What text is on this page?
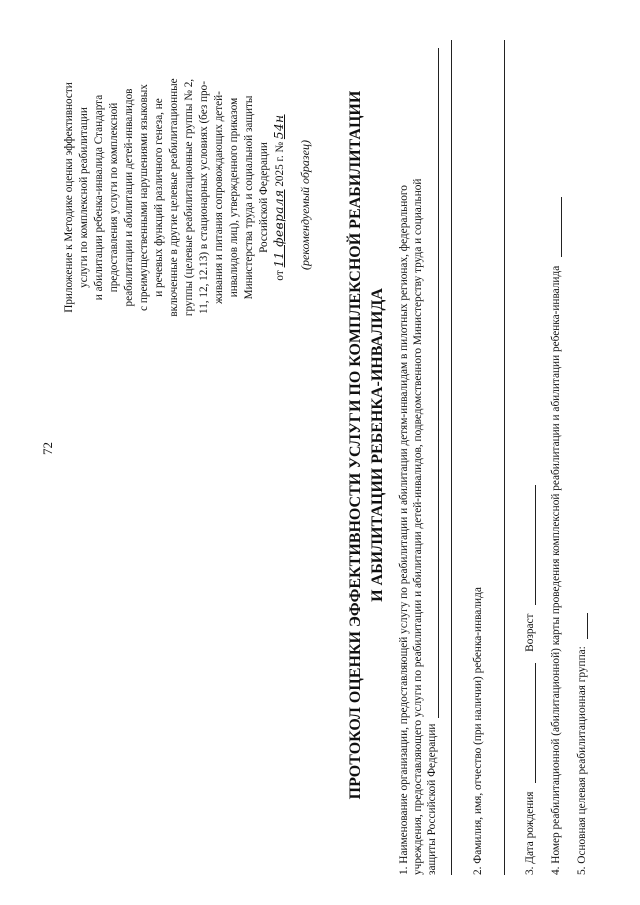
72
Приложение к Методике оценки эффективности услуги по комплексной реабилитации и абилитации ребенка-инвалида Стандарта предоставления услуги по комплексной реабилитации и абилитации детей-инвалидов с преимущественными нарушениями языковых и речевых функций различного генеза, не включенные в другие целевые реабилитационные группы (целевые реабилитационные группы № 2, 11, 12, 12.13) в стационарных условиях (без про- живания и питания сопровождающих детей- инвалидов лиц), утвержденного приказом Министерства труда и социальной защиты Российской Федерации
от 11 февраля 2025 г. № 54н
(рекомендуемый образец) ПРОТОКОЛ ОЦЕНКИ ЭФФЕКТИВНОСТИ УСЛУГИ ПО КОМПЛЕКСНОЙ РЕАБИЛИТАЦИИ И АБИЛИТАЦИИ РЕБЕНКА-ИНВАЛИДА 1. Наименование организации, предоставляющей услугу по реабилитации и абилитации детям-инвалидам в пилотных регионах, федерального учреждения, предоставляющего услуги по реабилитации и абилитации детей-инвалидов, подведомственного Министерству труда и социальной защиты Российской Федерации	2. Фамилия, имя, отчество (при наличии) ребенка-инвалида	3. Дата рождения  Возраст 4. Номер реабилитационной (абилитационной) карты проведения комплексной реабилитации и абилитации ребенка-инвалида 5. Основная целевая реабилитационная группа:
